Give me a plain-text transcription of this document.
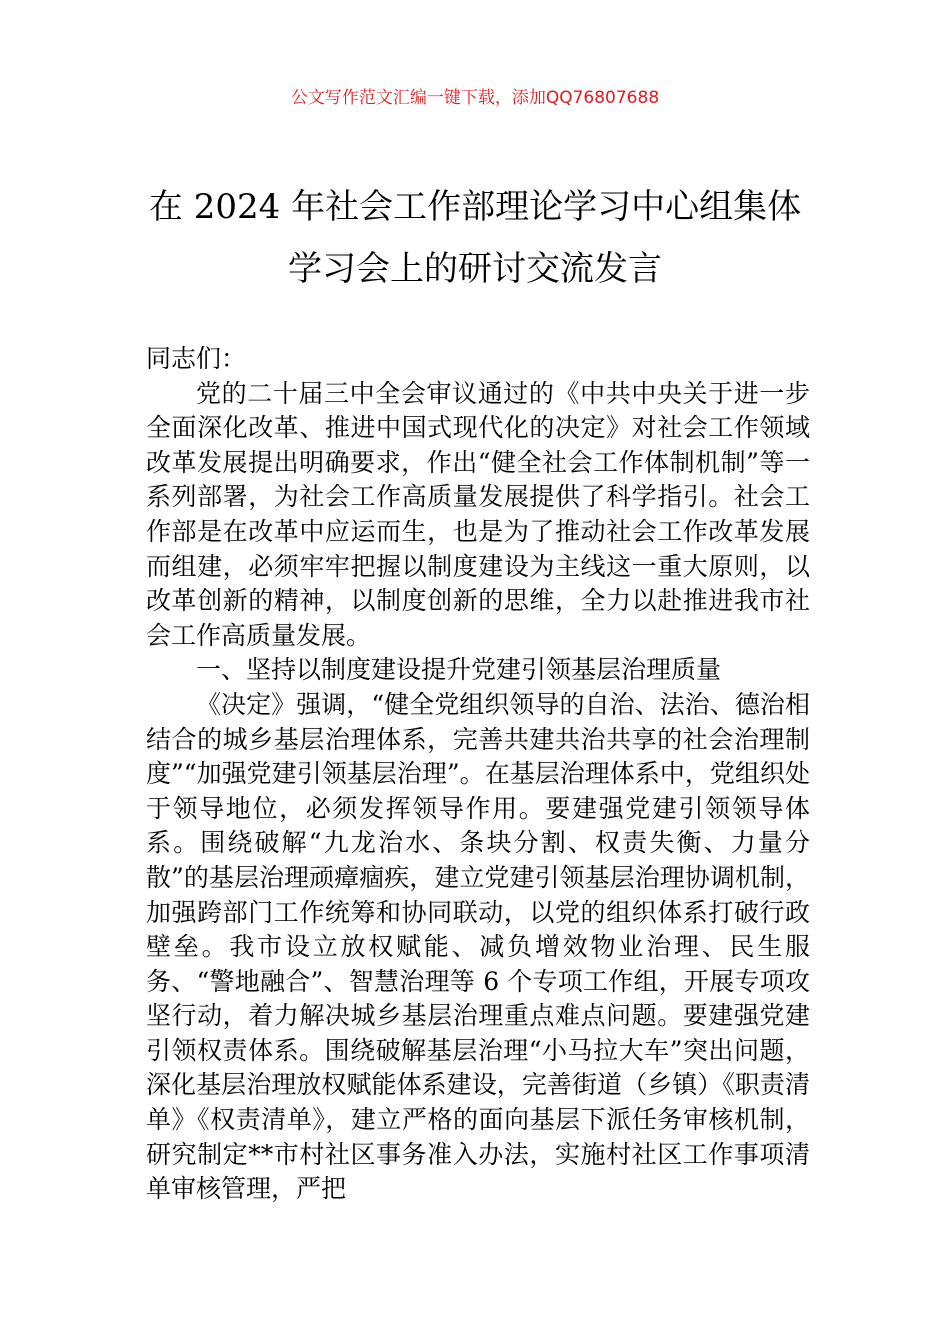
公文写作范文汇编一键下载，添加QQ76807688
在 2024 年社会工作部理论学习中心组集体
学习会上的研讨交流发言

同志们：

党的二十届三中全会审议通过的《中共中央关于进一步全面深化改革、推进中国式现代化的决定》对社会工作领域改革发展提出明确要求，作出“健全社会工作体制机制”等一系列部署，为社会工作高质量发展提供了科学指引。社会工作部是在改革中应运而生，也是为了推动社会工作改革发展而组建，必须牢牢把握以制度建设为主线这一重大原则，以改革创新的精神，以制度创新的思维，全力以赴推进我市社会工作高质量发展。

一、坚持以制度建设提升党建引领基层治理质量

《决定》强调，“健全党组织领导的自治、法治、德治相结合的城乡基层治理体系，完善共建共治共享的社会治理制度”“加强党建引领基层治理”。在基层治理体系中，党组织处于领导地位，必须发挥领导作用。要建强党建引领领导体系。围绕破解“九龙治水、条块分割、权责失衡、力量分散”的基层治理顽瘴痼疾，建立党建引领基层治理协调机制，加强跨部门工作统筹和协同联动，以党的组织体系打破行政壁垒。我市设立放权赋能、减负增效物业治理、民生服务、“警地融合”、智慧治理等 6 个专项工作组，开展专项攻坚行动，着力解决城乡基层治理重点难点问题。要建强党建引领权责体系。围绕破解基层治理“小马拉大车”突出问题，深化基层治理放权赋能体系建设，完善街道（乡镇）《职责清单》《权责清单》，建立严格的面向基层下派任务审核机制，研究制定**市村社区事务准入办法，实施村社区工作事项清单审核管理，严把
